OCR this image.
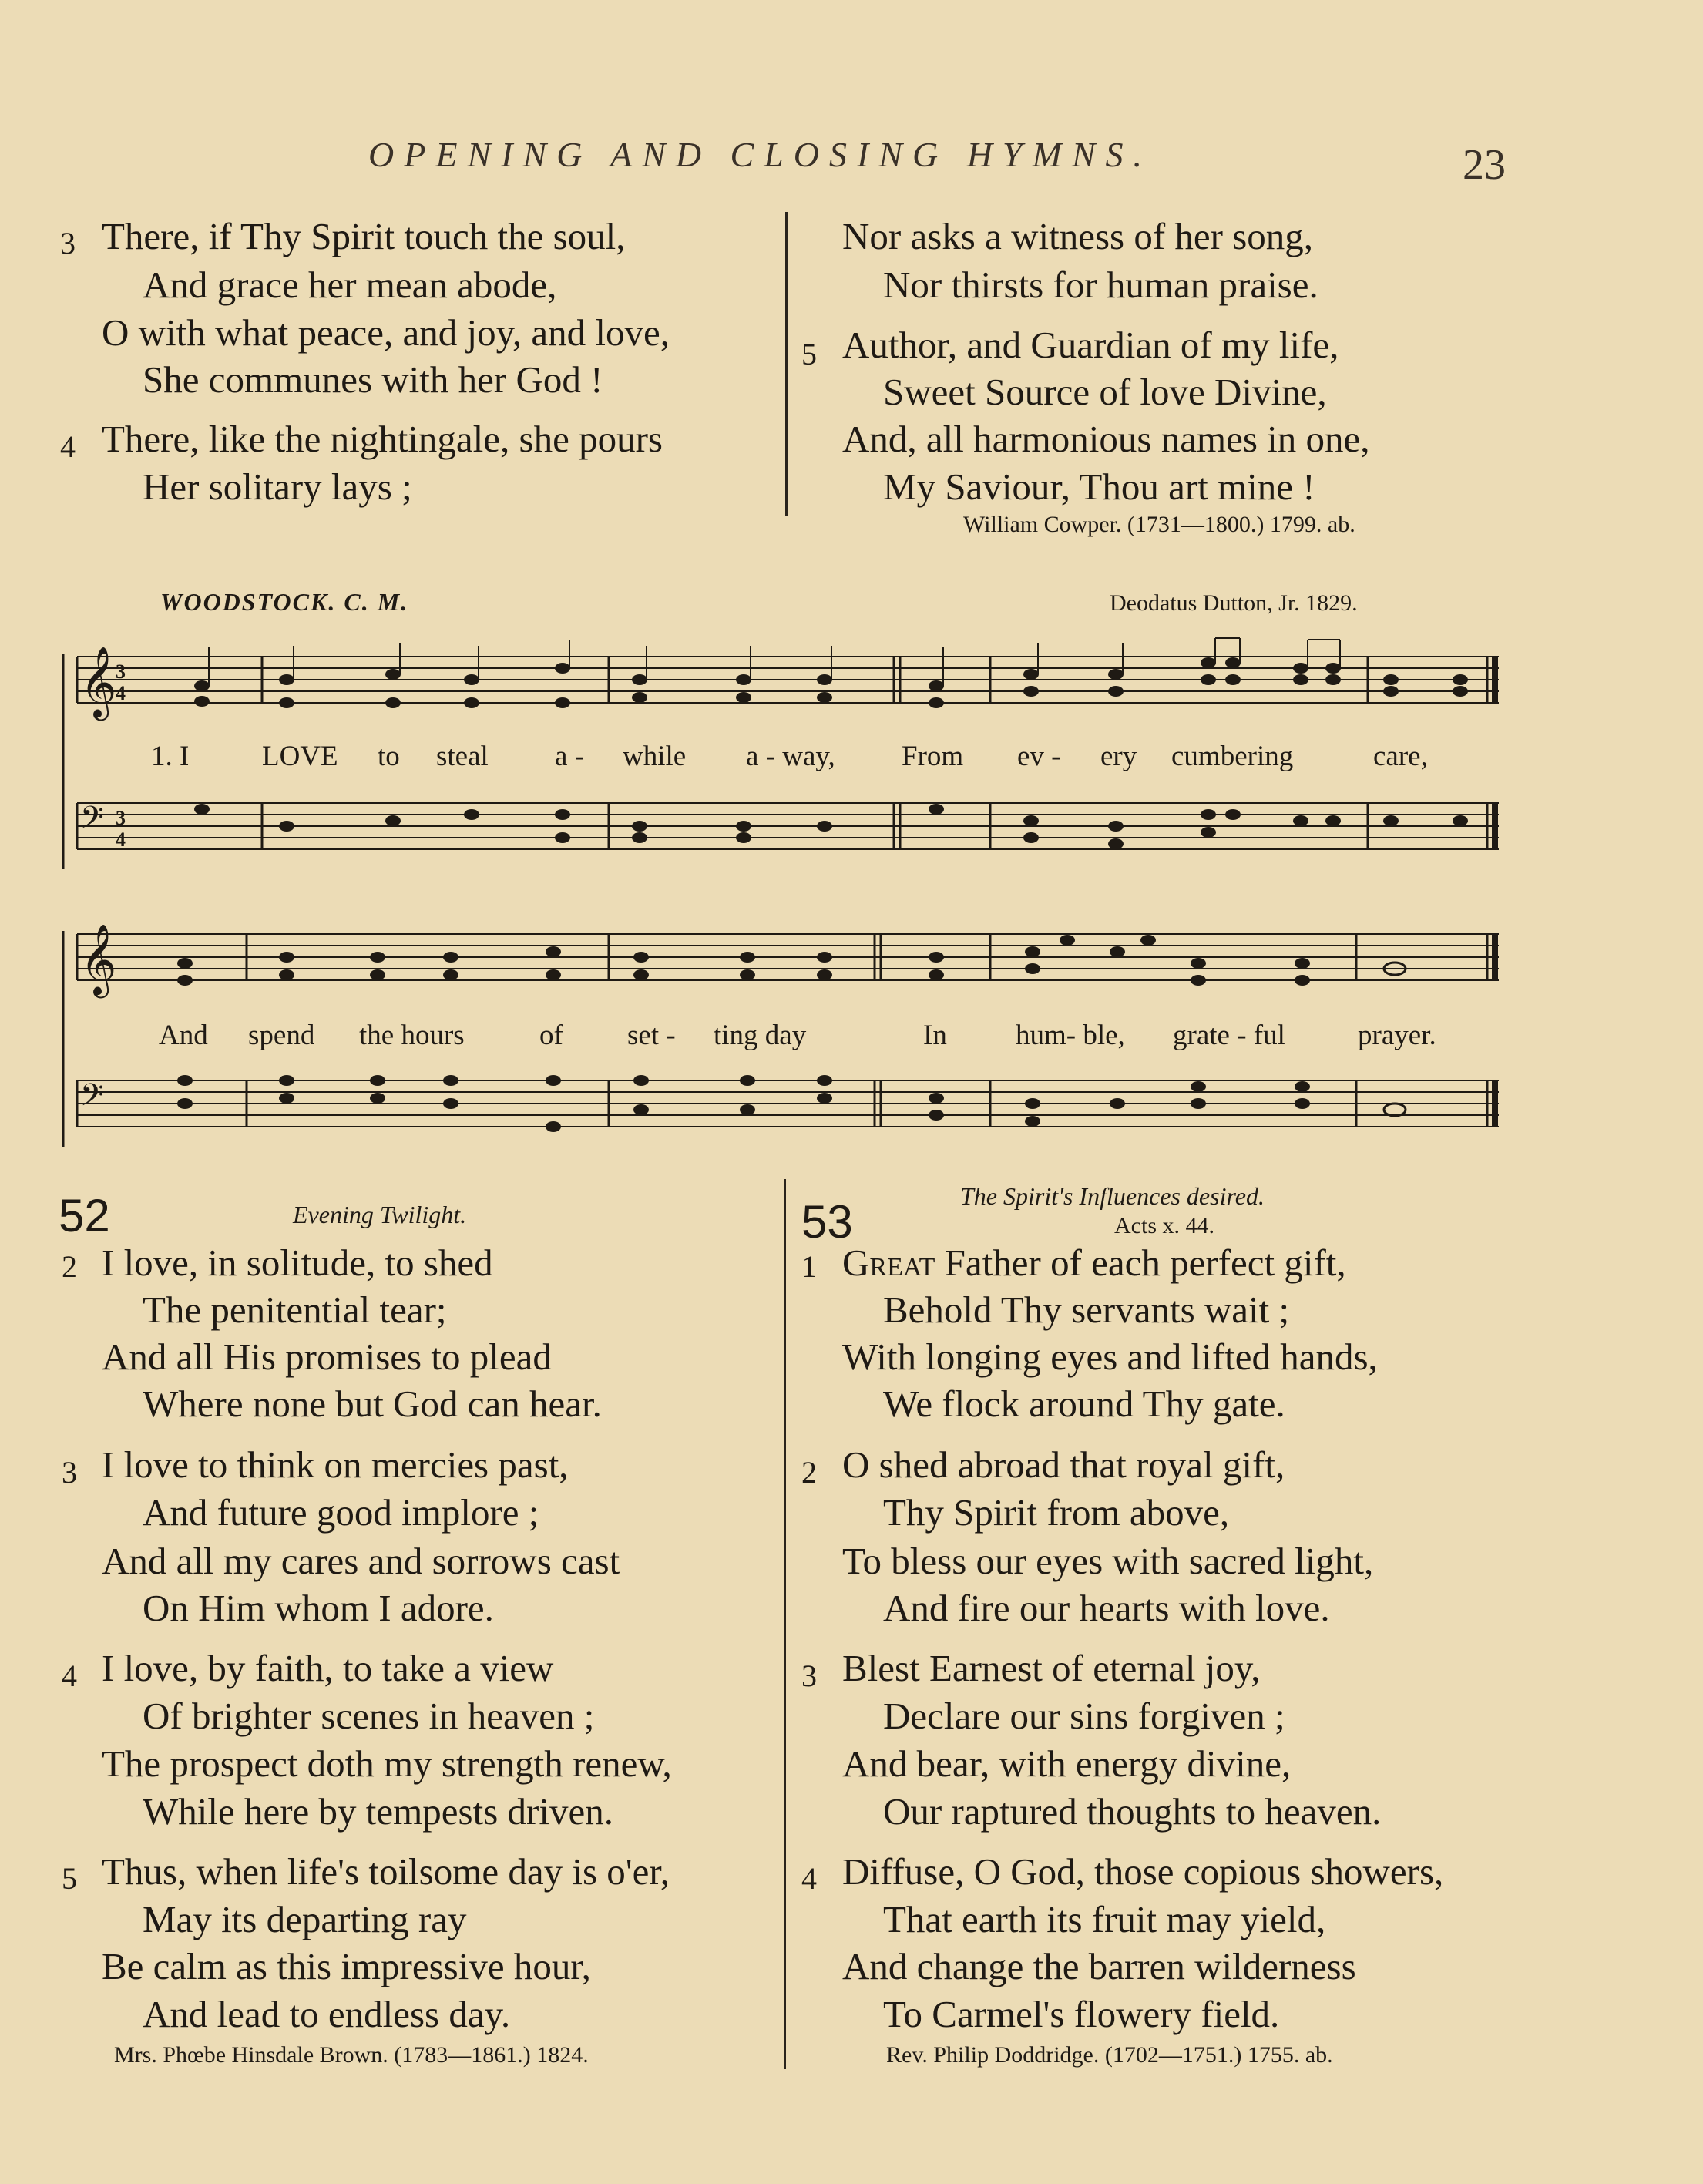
OPENING AND CLOSING HYMNS.	23
3 There, if Thy Spirit touch the soul,
And grace her mean abode,
O with what peace, and joy, and love,
She communes with her God !
4 There, like the nightingale, she pours
Her solitary lays ;
Nor asks a witness of her song,
Nor thirsts for human praise.
5 Author, and Guardian of my life,
Sweet Source of love Divine,
And, all harmonious names in one,
My Saviour, Thou art mine !
William Cowper. (1731—1800.) 1799. ab.
WOODSTOCK. C. M.	Deodatus Dutton, Jr. 1829.
𝄞
𝄢
3
4
3
4
1. I	LOVE to steal a - while a - way, From ev - ery cumbering	care,
𝄞
𝄢
And spend the hours	of set - ting day	In hum- ble, grate - ful	prayer.
52	Evening Twilight.
2 I love, in solitude, to shed
The penitential tear;
And all His promises to plead
Where none but God can hear.
3 I love to think on mercies past,
And future good implore ;
And all my cares and sorrows cast
On Him whom I adore.
4 I love, by faith, to take a view
Of brighter scenes in heaven ;
The prospect doth my strength renew,
While here by tempests driven.
5 Thus, when life's toilsome day is o'er,
May its departing ray
Be calm as this impressive hour,
And lead to endless day.
Mrs. Phœbe Hinsdale Brown. (1783—1861.) 1824.
53	The Spirit's Influences desired.
Acts x. 44.
1 Great Father of each perfect gift,
Behold Thy servants wait ;
With longing eyes and lifted hands,
We flock around Thy gate.
2 O shed abroad that royal gift,
Thy Spirit from above,
To bless our eyes with sacred light,
And fire our hearts with love.
3 Blest Earnest of eternal joy,
Declare our sins forgiven ;
And bear, with energy divine,
Our raptured thoughts to heaven.
4 Diffuse, O God, those copious showers,
That earth its fruit may yield,
And change the barren wilderness
To Carmel's flowery field.
Rev. Philip Doddridge. (1702—1751.) 1755. ab.
